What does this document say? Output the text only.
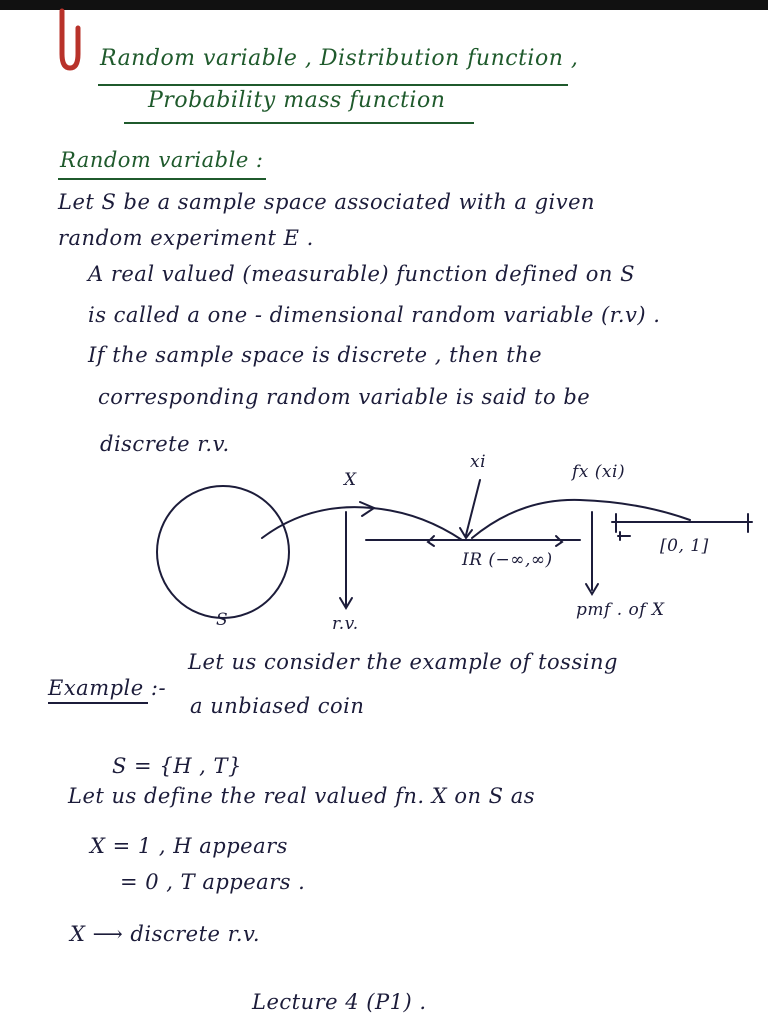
Random variable , Distribution function ,
Probability mass function
Random variable :
Let S be a sample space associated with a given
random experiment E .
A real valued (measurable) function defined on S
is called a one - dimensional random variable (r.v) .
If the sample space is discrete , then the
corresponding random variable is said to be
discrete r.v.
X
xi	fx (xi)
[0, 1]
IR (−∞,∞)
S	r.v.
pmf . of X
Example :-
Let us consider the example of tossing
a unbiased coin
S = {H , T}
Let us define the real valued fn. X on S as
X = 1 , H appears
= 0 , T appears .
X ⟶ discrete r.v.
Lecture 4 (P1) .
